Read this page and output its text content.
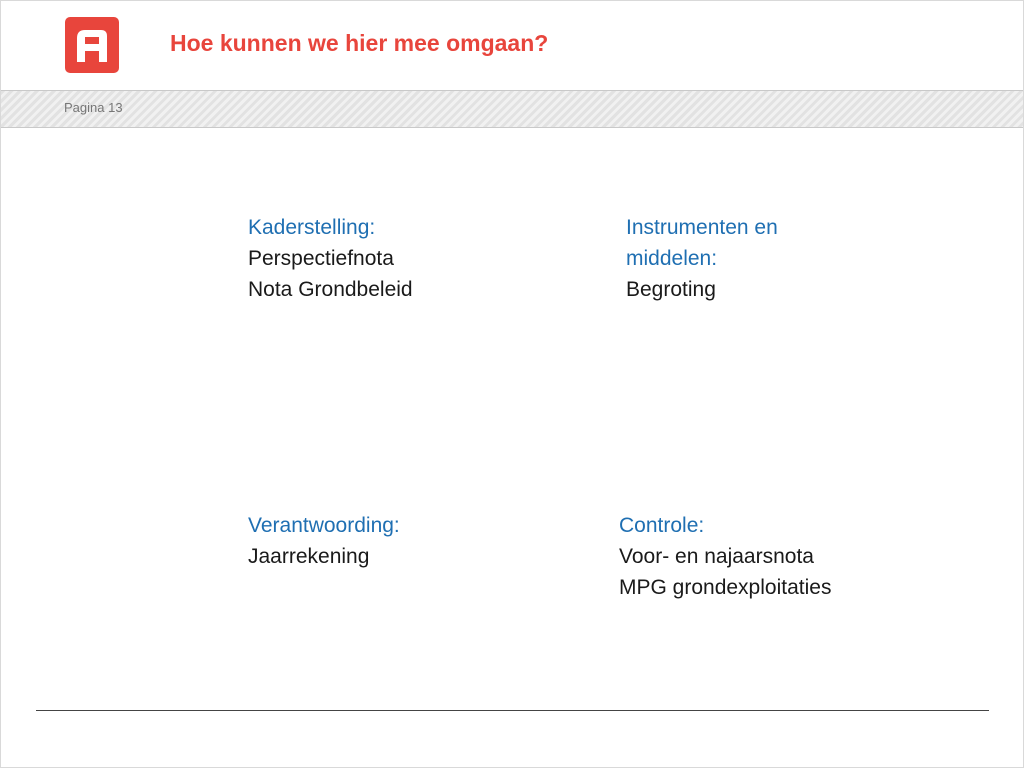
Hoe kunnen we hier mee omgaan?
Pagina 13
Kaderstelling:
Perspectiefnota
Nota Grondbeleid
Instrumenten en
middelen:
Begroting
Verantwoording:
Jaarrekening
Controle:
Voor- en najaarsnota
MPG grondexploitaties
